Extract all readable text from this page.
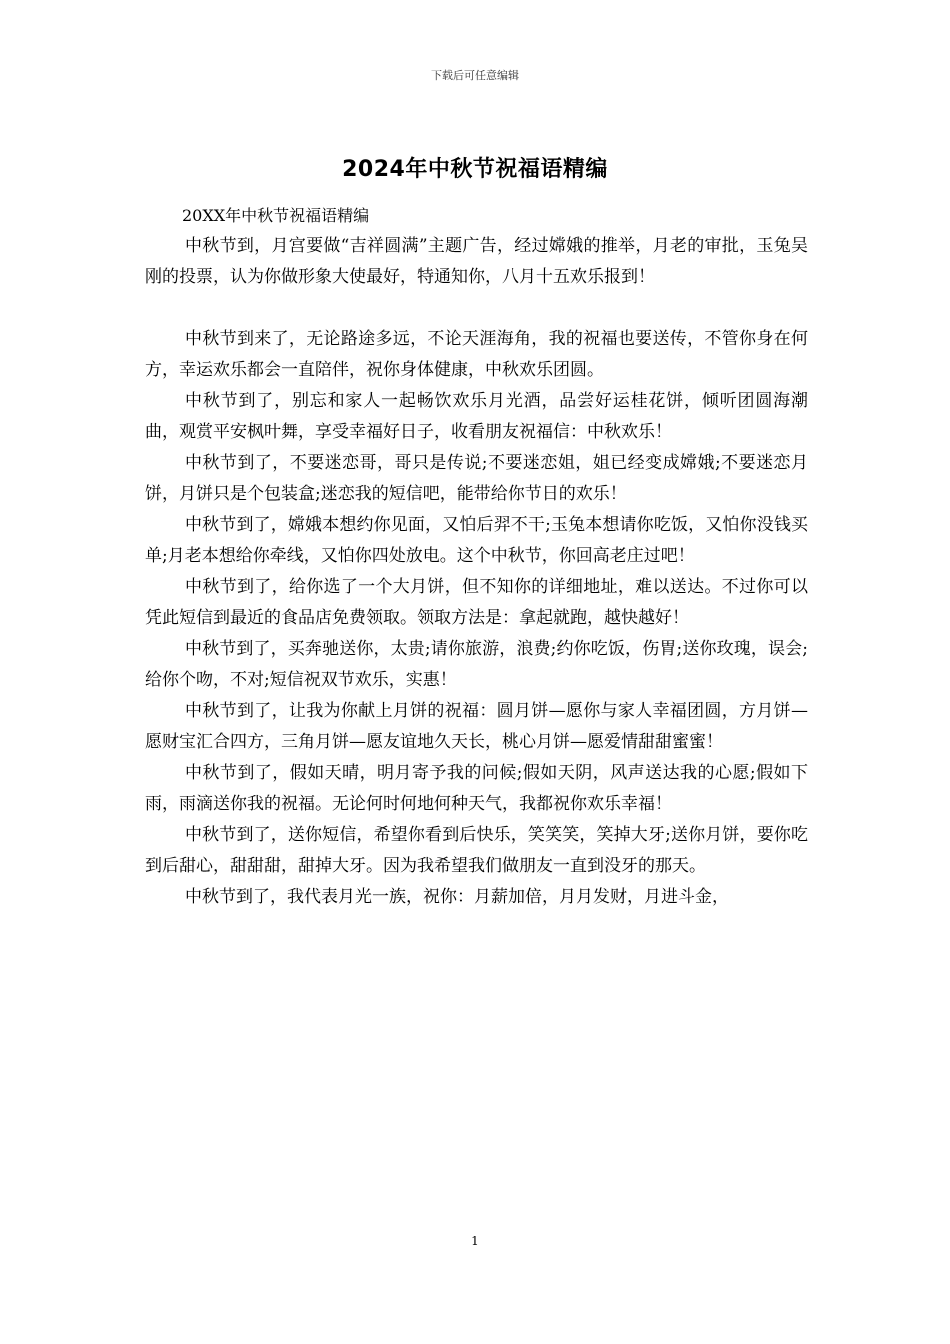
下载后可任意编辑
2024年中秋节祝福语精编

20XX年中秋节祝福语精编

中秋节到，月宫要做“吉祥圆满”主题广告，经过嫦娥的推举，月老的审批，玉兔吴刚的投票，认为你做形象大使最好，特通知你，八月十五欢乐报到！

中秋节到来了，无论路途多远，不论天涯海角，我的祝福也要送传，不管你身在何方，幸运欢乐都会一直陪伴，祝你身体健康，中秋欢乐团圆。

中秋节到了，别忘和家人一起畅饮欢乐月光酒，品尝好运桂花饼，倾听团圆海潮曲，观赏平安枫叶舞，享受幸福好日子，收看朋友祝福信：中秋欢乐！

中秋节到了，不要迷恋哥，哥只是传说;不要迷恋姐，姐已经变成嫦娥;不要迷恋月饼，月饼只是个包装盒;迷恋我的短信吧，能带给你节日的欢乐！

中秋节到了，嫦娥本想约你见面，又怕后羿不干;玉兔本想请你吃饭，又怕你没钱买单;月老本想给你牵线，又怕你四处放电。这个中秋节，你回高老庄过吧！

中秋节到了，给你选了一个大月饼，但不知你的详细地址，难以送达。不过你可以凭此短信到最近的食品店免费领取。领取方法是：拿起就跑，越快越好！

中秋节到了，买奔驰送你，太贵;请你旅游，浪费;约你吃饭，伤胃;送你玫瑰，误会;给你个吻，不对;短信祝双节欢乐，实惠！

中秋节到了，让我为你献上月饼的祝福：圆月饼—愿你与家人幸福团圆，方月饼—愿财宝汇合四方，三角月饼—愿友谊地久天长，桃心月饼—愿爱情甜甜蜜蜜！

中秋节到了，假如天晴，明月寄予我的问候;假如天阴，风声送达我的心愿;假如下雨，雨滴送你我的祝福。无论何时何地何种天气，我都祝你欢乐幸福！

中秋节到了，送你短信，希望你看到后快乐，笑笑笑，笑掉大牙;送你月饼，要你吃到后甜心，甜甜甜，甜掉大牙。因为我希望我们做朋友一直到没牙的那天。

中秋节到了，我代表月光一族，祝你：月薪加倍，月月发财，月进斗金，

1
